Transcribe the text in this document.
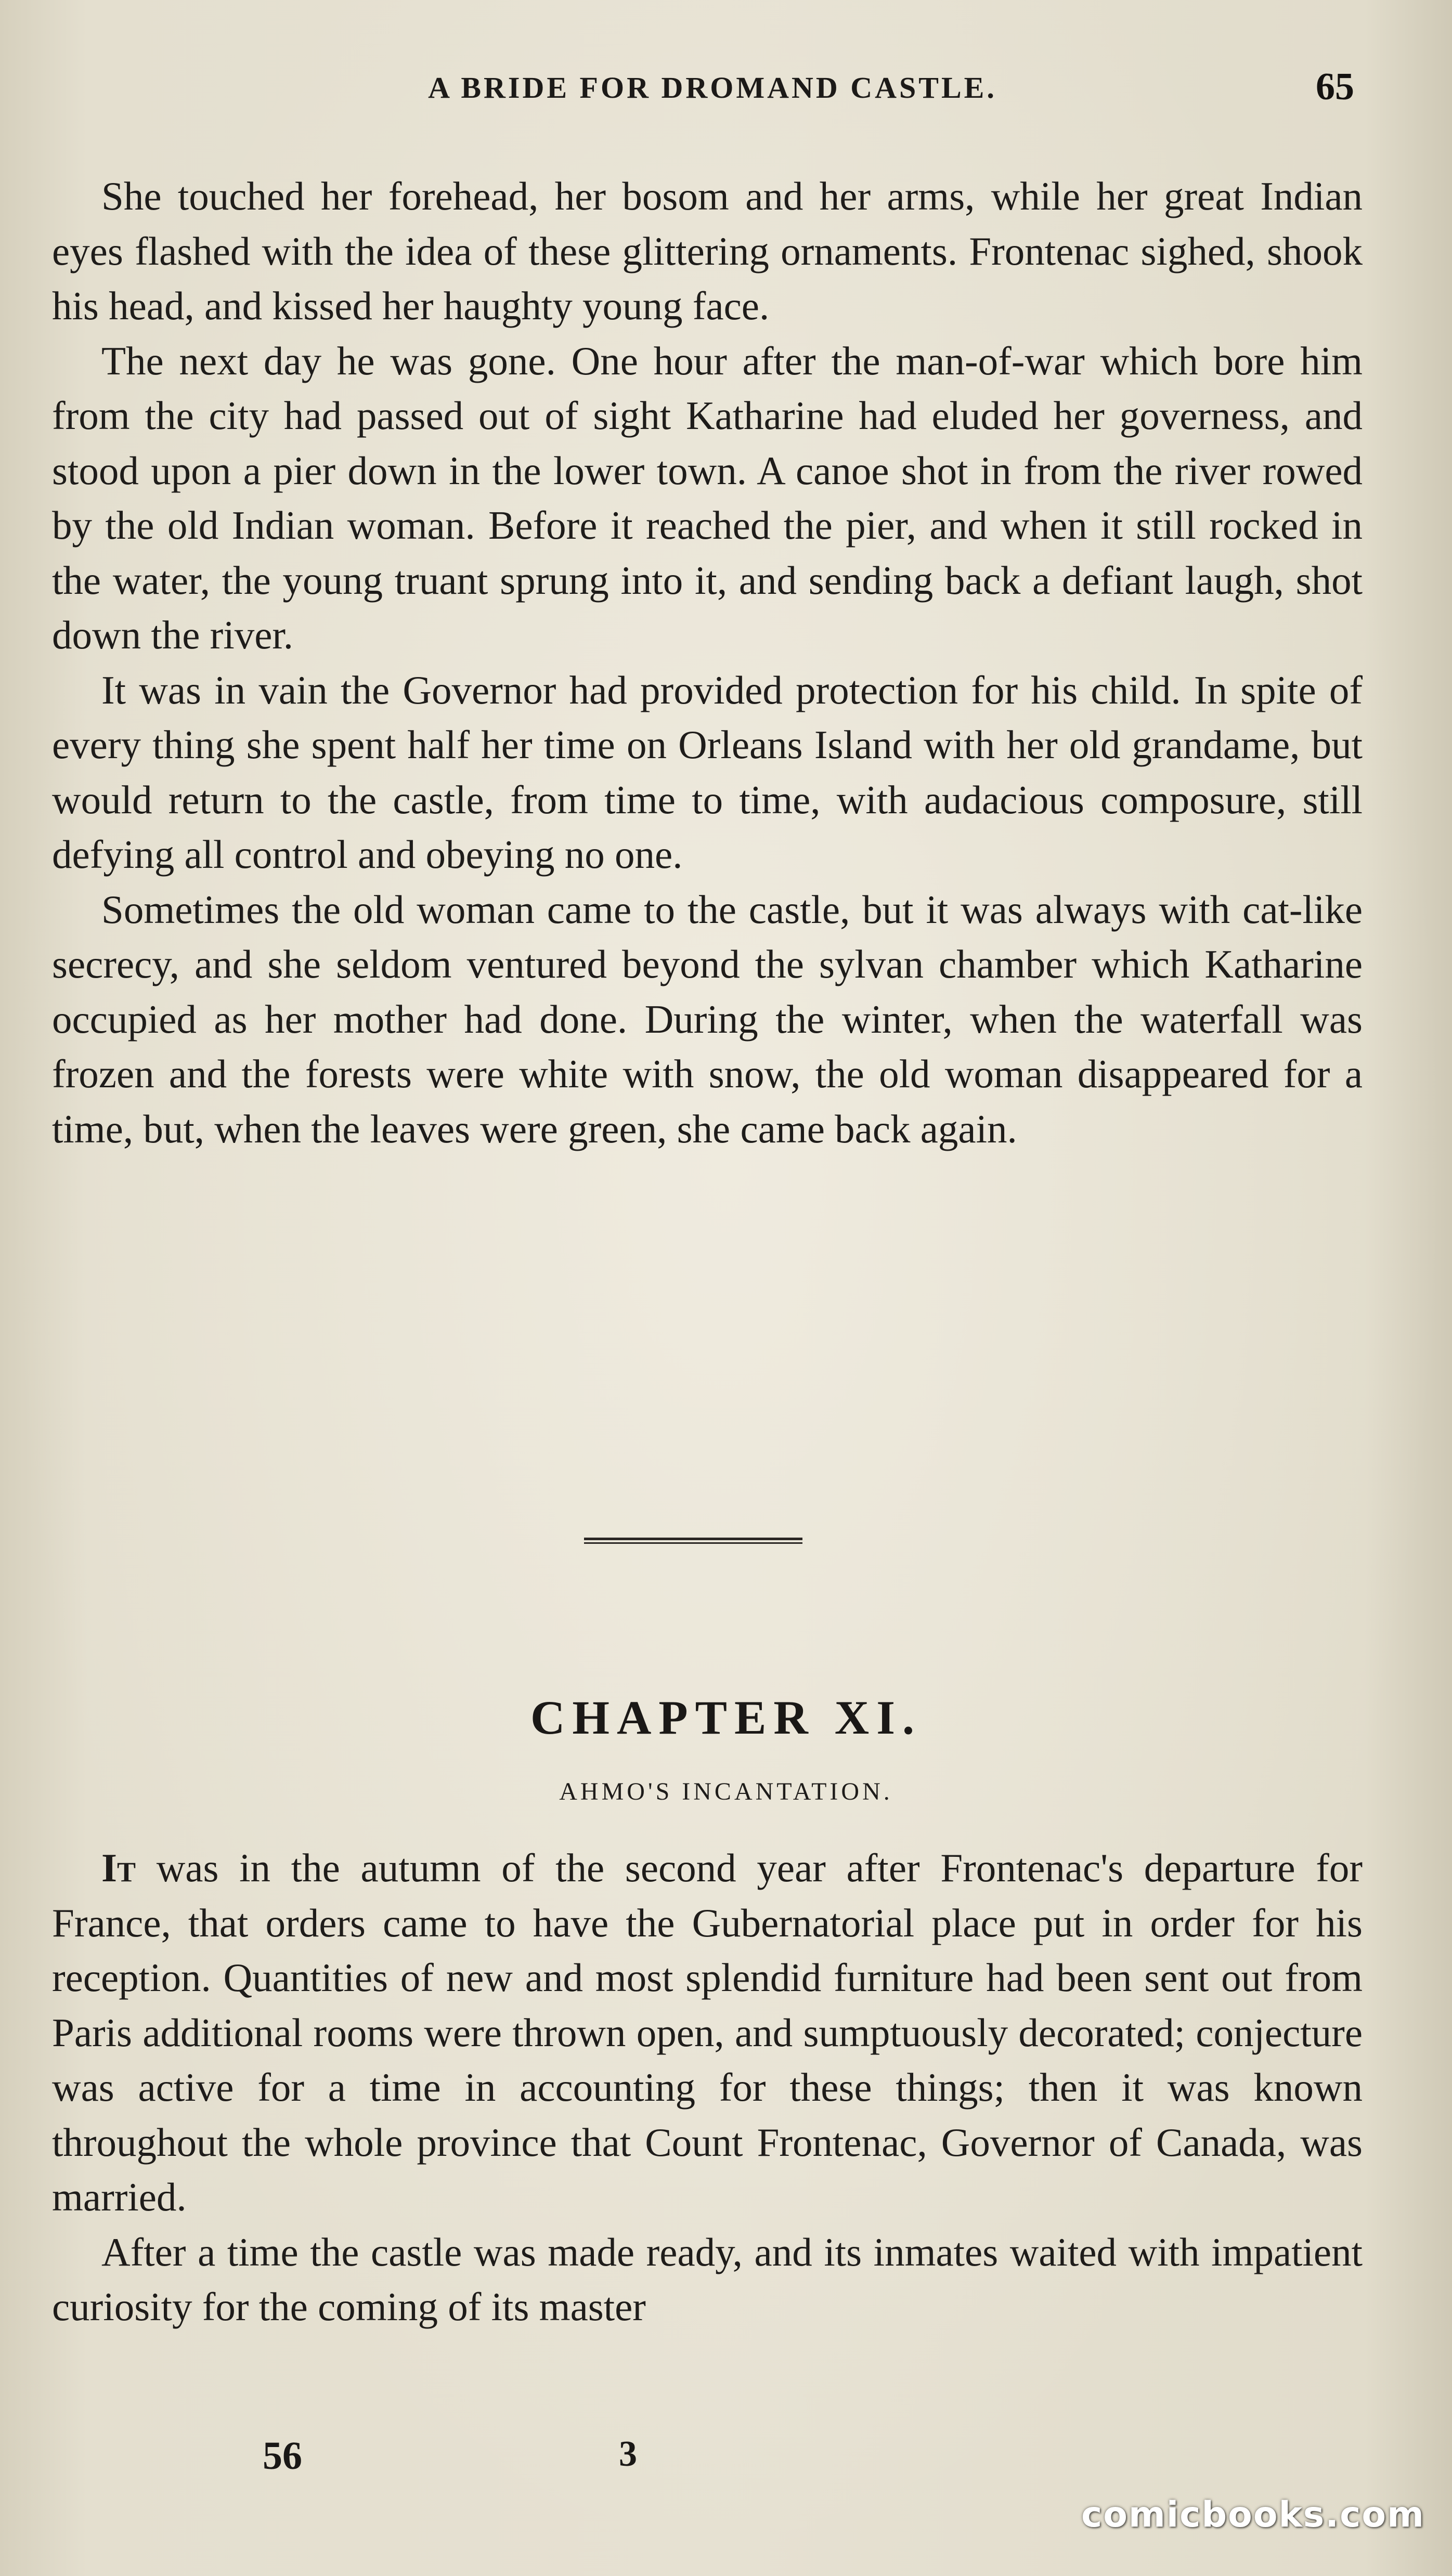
A BRIDE FOR DROMAND CASTLE.	65

She touched her forehead, her bosom and her arms, while her great Indian eyes flashed with the idea of these glittering ornaments. Frontenac sighed, shook his head, and kissed her haughty young face.

The next day he was gone. One hour after the man-of-war which bore him from the city had passed out of sight Katharine had eluded her governess, and stood upon a pier down in the lower town. A canoe shot in from the river rowed by the old Indian woman. Before it reached the pier, and when it still rocked in the water, the young truant sprung into it, and sending back a defiant laugh, shot down the river.

It was in vain the Governor had provided protection for his child. In spite of every thing she spent half her time on Orleans Island with her old grandame, but would return to the castle, from time to time, with audacious composure, still defying all control and obeying no one.

Sometimes the old woman came to the castle, but it was always with cat-like secrecy, and she seldom ventured beyond the sylvan chamber which Katharine occupied as her mother had done. During the winter, when the waterfall was frozen and the forests were white with snow, the old woman disappeared for a time, but, when the leaves were green, she came back again.

CHAPTER XI.
AHMO'S INCANTATION.

It was in the autumn of the second year after Frontenac's departure for France, that orders came to have the Gubernatorial place put in order for his reception. Quantities of new and most splendid furniture had been sent out from Paris additional rooms were thrown open, and sumptuously decorated; conjecture was active for a time in accounting for these things; then it was known throughout the whole province that Count Frontenac, Governor of Canada, was married.

After a time the castle was made ready, and its inmates waited with impatient curiosity for the coming of its master

56	3
comicbooks.com
